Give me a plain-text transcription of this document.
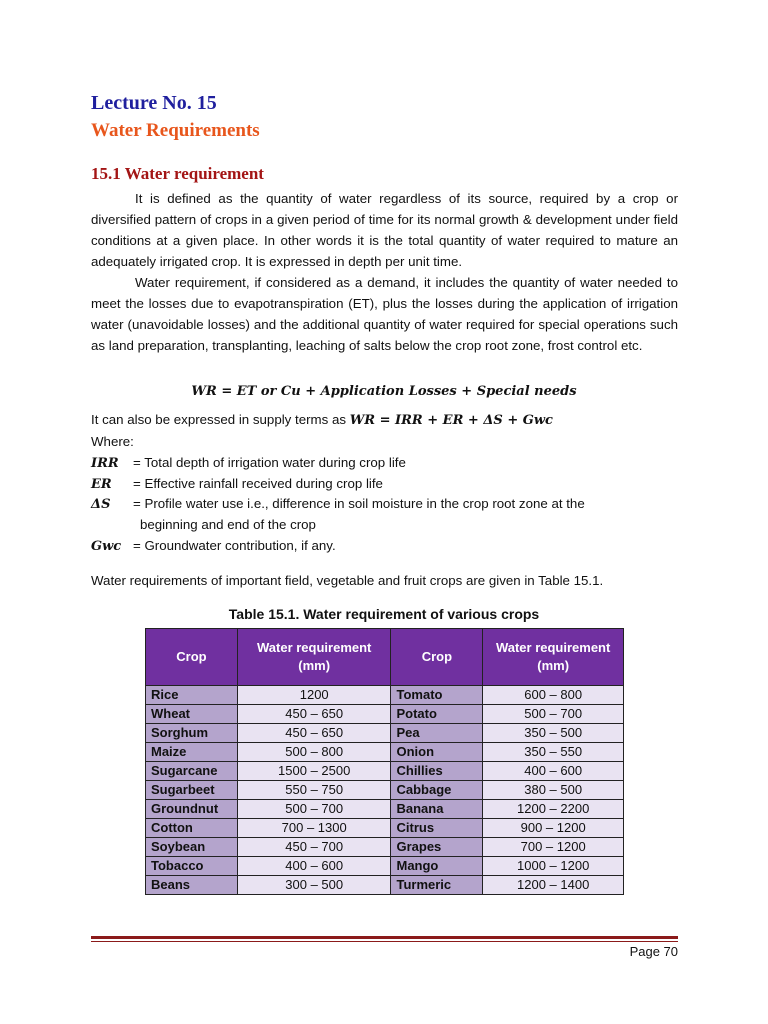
Lecture No. 15
Water Requirements
15.1 Water requirement

It is defined as the quantity of water regardless of its source, required by a crop or diversified pattern of crops in a given period of time for its normal growth & development under field conditions at a given place. In other words it is the total quantity of water required to mature an adequately irrigated crop. It is expressed in depth per unit time.

Water requirement, if considered as a demand, it includes the quantity of water needed to meet the losses due to evapotranspiration (ET), plus the losses during the application of irrigation water (unavoidable losses) and the additional quantity of water required for special operations such as land preparation, transplanting, leaching of salts below the crop root zone, frost control etc.

WR = ET or Cu + Application Losses + Special needs
It can also be expressed in supply terms as WR = IRR + ER + ΔS + Gwc
Where:
IRR = Total depth of irrigation water during crop life
ER = Effective rainfall received during crop life
ΔS = Profile water use i.e., difference in soil moisture in the crop root zone at the
beginning and end of the crop
Gwc = Groundwater contribution, if any.
Water requirements of important field, vegetable and fruit crops are given in Table 15.1.
Table 15.1. Water requirement of various crops
Crop	Water requirement (mm)	Crop	Water requirement (mm)
Rice	1200	Tomato	600 – 800
Wheat	450 – 650	Potato	500 – 700
Sorghum	450 – 650	Pea	350 – 500
Maize	500 – 800	Onion	350 – 550
Sugarcane	1500 – 2500	Chillies	400 – 600
Sugarbeet	550 – 750	Cabbage	380 – 500
Groundnut	500 – 700	Banana	1200 – 2200
Cotton	700 – 1300	Citrus	900 – 1200
Soybean	450 – 700	Grapes	700 – 1200
Tobacco	400 – 600	Mango	1000 – 1200
Beans	300 – 500	Turmeric	1200 – 1400
Page 70
